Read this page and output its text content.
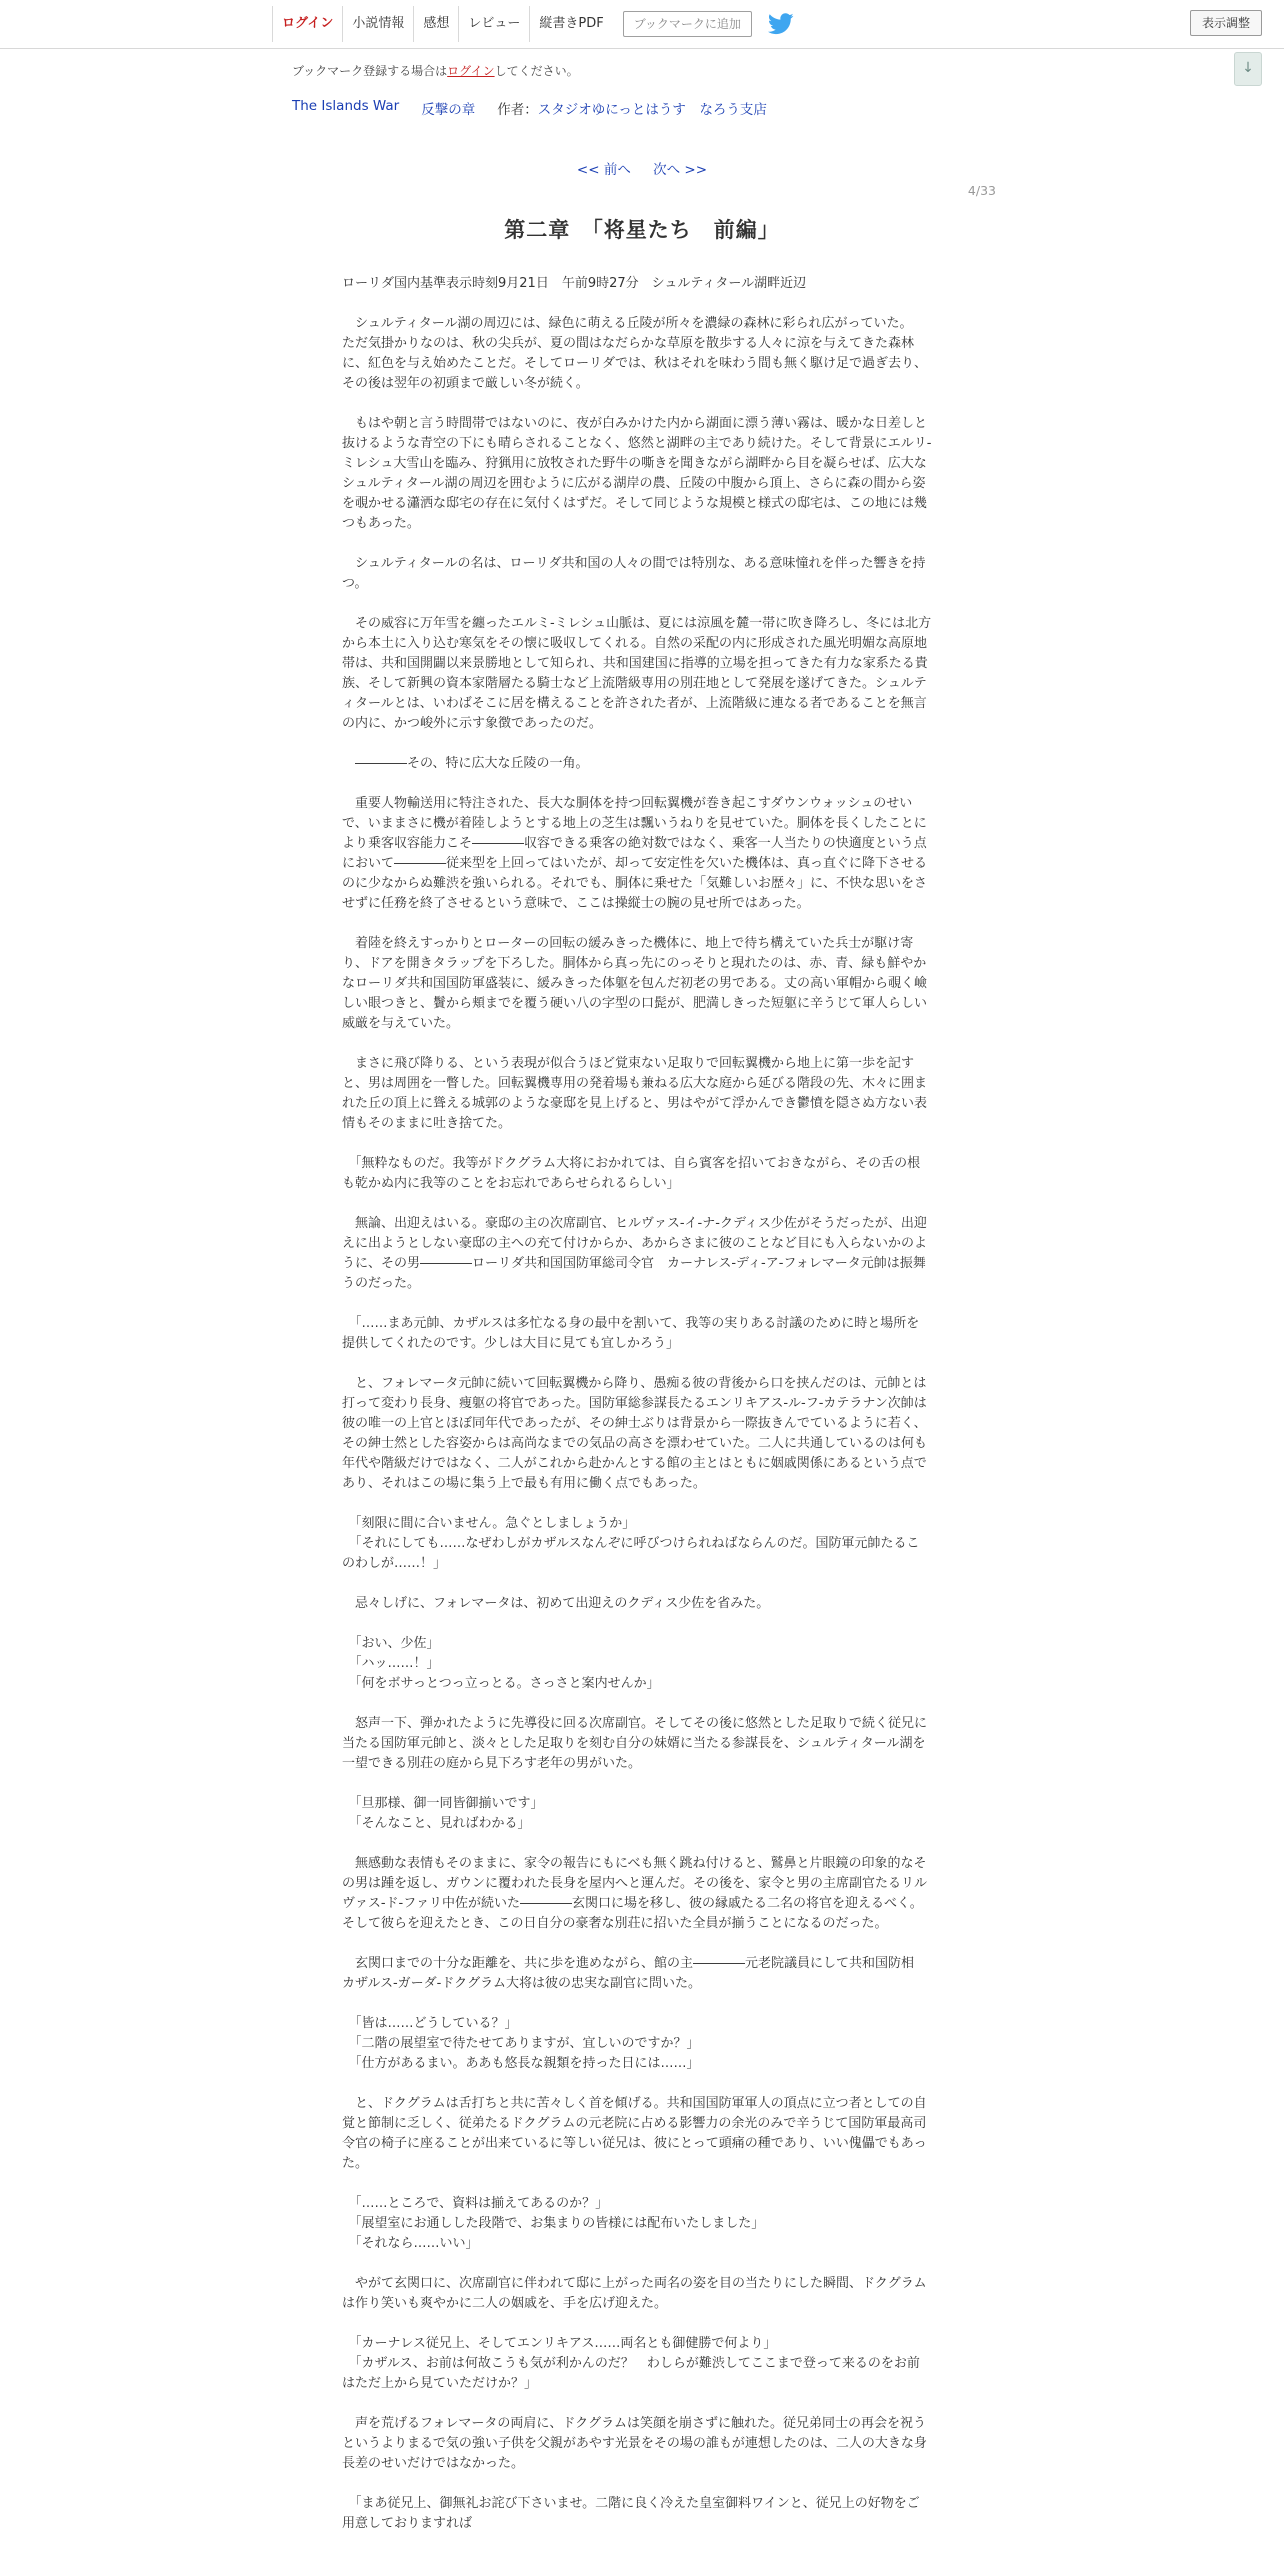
ログイン	小説情報	感想	レビュー	縦書きPDF	ブックマークに追加	表示調整
↓
ブックマーク登録する場合はログインしてください。
The Islands War 反撃の章 作者：スタジオゆにっとはうす　 なろう支店
<< 前へ 次へ >>
4/33
第二章　「将星たち　前編」

ローリダ国内基準表示時刻9月21日　午前9時27分　シュルティタール湖畔近辺

　シュルティタール湖の周辺には、緑色に萌える丘陵が所々を濃緑の森林に彩られ広がっていた。
ただ気掛かりなのは、秋の尖兵が、夏の間はなだらかな草原を散歩する人々に涼を与えてきた森林に、紅色を与え始めたことだ。そしてローリダでは、秋はそれを味わう間も無く駆け足で過ぎ去り、その後は翌年の初頭まで厳しい冬が続く。

　もはや朝と言う時間帯ではないのに、夜が白みかけた内から湖面に漂う薄い霧は、暖かな日差しと抜けるような青空の下にも晴らされることなく、悠然と湖畔の主であり続けた。そして背景にエルリ-ミレシュ大雪山を臨み、狩猟用に放牧された野牛の嘶きを聞きながら湖畔から目を凝らせば、広大なシュルティタール湖の周辺を囲むように広がる湖岸の農、丘陵の中腹から頂上、さらに森の間から姿を覗かせる瀟洒な邸宅の存在に気付くはずだ。そして同じような規模と様式の邸宅は、この地には幾つもあった。

　シュルティタールの名は、ローリダ共和国の人々の間では特別な、ある意味憧れを伴った響きを持つ。

　その威容に万年雪を纏ったエルミ-ミレシュ山脈は、夏には涼風を麓一帯に吹き降ろし、冬には北方から本土に入り込む寒気をその懐に吸収してくれる。自然の采配の内に形成された風光明媚な高原地帯は、共和国開闢以来景勝地として知られ、共和国建国に指導的立場を担ってきた有力な家系たる貴族、そして新興の資本家階層たる騎士など上流階級専用の別荘地として発展を遂げてきた。シュルティタールとは、いわばそこに居を構えることを許された者が、上流階級に連なる者であることを無言の内に、かつ峻外に示す象徴であったのだ。

　――――その、特に広大な丘陵の一角。

　重要人物輸送用に特注された、長大な胴体を持つ回転翼機が巻き起こすダウンウォッシュのせいで、いままさに機が着陸しようとする地上の芝生は飄いうねりを見せていた。胴体を長くしたことにより乗客収容能力こそ――――収容できる乗客の絶対数ではなく、乗客一人当たりの快適度という点において――――従来型を上回ってはいたが、却って安定性を欠いた機体は、真っ直ぐに降下させるのに少なからぬ難渋を強いられる。それでも、胴体に乗せた「気難しいお歴々」に、不快な思いをさせずに任務を終了させるという意味で、ここは操縦士の腕の見せ所ではあった。

　着陸を終えすっかりとローターの回転の緩みきった機体に、地上で待ち構えていた兵士が駆け寄り、ドアを開きタラップを下ろした。胴体から真っ先にのっそりと現れたのは、赤、青、緑も鮮やかなローリダ共和国国防軍盛装に、緩みきった体躯を包んだ初老の男である。丈の高い軍帽から覗く嶮しい眼つきと、鬢から頬までを覆う硬い八の字型の口髭が、肥満しきった短躯に辛うじて軍人らしい威厳を与えていた。

　まさに飛び降りる、という表現が似合うほど覚束ない足取りで回転翼機から地上に第一歩を記すと、男は周囲を一瞥した。回転翼機専用の発着場も兼ねる広大な庭から延びる階段の先、木々に囲まれた丘の頂上に聳える城郭のような豪邸を見上げると、男はやがて浮かんでき鬱憤を隠さぬ方ない表情もそのままに吐き捨てた。

　「無粋なものだ。我等がドクグラム大将におかれては、自ら賓客を招いておきながら、その舌の根も乾かぬ内に我等のことをお忘れであらせられるらしい」

　無論、出迎えはいる。豪邸の主の次席副官、ヒルヴァス-イ-ナ-クディス少佐がそうだったが、出迎えに出ようとしない豪邸の主への充て付けからか、あからさまに彼のことなど目にも入らないかのように、その男――――ローリダ共和国国防軍総司令官　カーナレス-ディ-ア-フォレマータ元帥は振舞うのだった。

　「……まあ元帥、カザルスは多忙なる身の最中を割いて、我等の実りある討議のために時と場所を提供してくれたのです。少しは大目に見ても宜しかろう」

　と、フォレマータ元帥に続いて回転翼機から降り、愚痴る彼の背後から口を挟んだのは、元帥とは打って変わり長身、痩躯の将官であった。国防軍総参謀長たるエンリキアス-ル-フ-カテラナン次帥は彼の唯一の上官とほぼ同年代であったが、その紳士ぶりは背景から一際抜きんでているように若く、その紳士然とした容姿からは高尚なまでの気品の高さを漂わせていた。二人に共通しているのは何も年代や階級だけではなく、二人がこれから赴かんとする館の主とはともに姻戚関係にあるという点であり、それはこの場に集う上で最も有用に働く点でもあった。

　「刻限に間に合いません。急ぐとしましょうか」
　「それにしても……なぜわしがカザルスなんぞに呼びつけられねばならんのだ。国防軍元帥たるこのわしが……！」

　忌々しげに、フォレマータは、初めて出迎えのクディス少佐を省みた。

　「おい、少佐」
　「ハッ……！」
　「何をボサっとつっ立っとる。さっさと案内せんか」

　怒声一下、弾かれたように先導役に回る次席副官。そしてその後に悠然とした足取りで続く従兄に当たる国防軍元帥と、淡々とした足取りを刻む自分の妹婿に当たる参謀長を、シュルティタール湖を一望できる別荘の庭から見下ろす老年の男がいた。

　「旦那様、御一同皆御揃いです」
　「そんなこと、見ればわかる」

　無感動な表情もそのままに、家令の報告にもにべも無く跳ね付けると、鷲鼻と片眼鏡の印象的なその男は踵を返し、ガウンに覆われた長身を屋内へと運んだ。その後を、家令と男の主席副官たるリルヴァス-ド-ファリ中佐が続いた――――玄関口に場を移し、彼の縁戚たる二名の将官を迎えるべく。そして彼らを迎えたとき、この日自分の豪奢な別荘に招いた全員が揃うことになるのだった。

　玄関口までの十分な距離を、共に歩を進めながら、館の主――――元老院議員にして共和国防相　カザルス-ガーダ-ドクグラム大将は彼の忠実な副官に問いた。

　「皆は……どうしている？」
　「二階の展望室で待たせてありますが、宜しいのですか？」
　「仕方があるまい。ああも悠長な親類を持った日には……」

　と、ドクグラムは舌打ちと共に苦々しく首を傾げる。共和国国防軍軍人の頂点に立つ者としての自覚と節制に乏しく、従弟たるドクグラムの元老院に占める影響力の余光のみで辛うじて国防軍最高司令官の椅子に座ることが出来ているに等しい従兄は、彼にとって頭痛の種であり、いい傀儡でもあった。

　「……ところで、資料は揃えてあるのか？」
　「展望室にお通しした段階で、お集まりの皆様には配布いたしました」
　「それなら……いい」

　やがて玄関口に、次席副官に伴われて邸に上がった両名の姿を目の当たりにした瞬間、ドクグラムは作り笑いも爽やかに二人の姻戚を、手を広げ迎えた。

　「カーナレス従兄上、そしてエンリキアス……両名とも御健勝で何より」
　「カザルス、お前は何故こうも気が利かんのだ？　わしらが難渋してここまで登って来るのをお前はただ上から見ていただけか？」

　声を荒げるフォレマータの両肩に、ドクグラムは笑顔を崩さずに触れた。従兄弟同士の再会を祝うというよりまるで気の強い子供を父親があやす光景をその場の誰もが連想したのは、二人の大きな身長差のせいだけではなかった。

　「まあ従兄上、御無礼お詫び下さいませ。二階に良く冷えた皇室御料ワインと、従兄上の好物をご用意しておりますれば
